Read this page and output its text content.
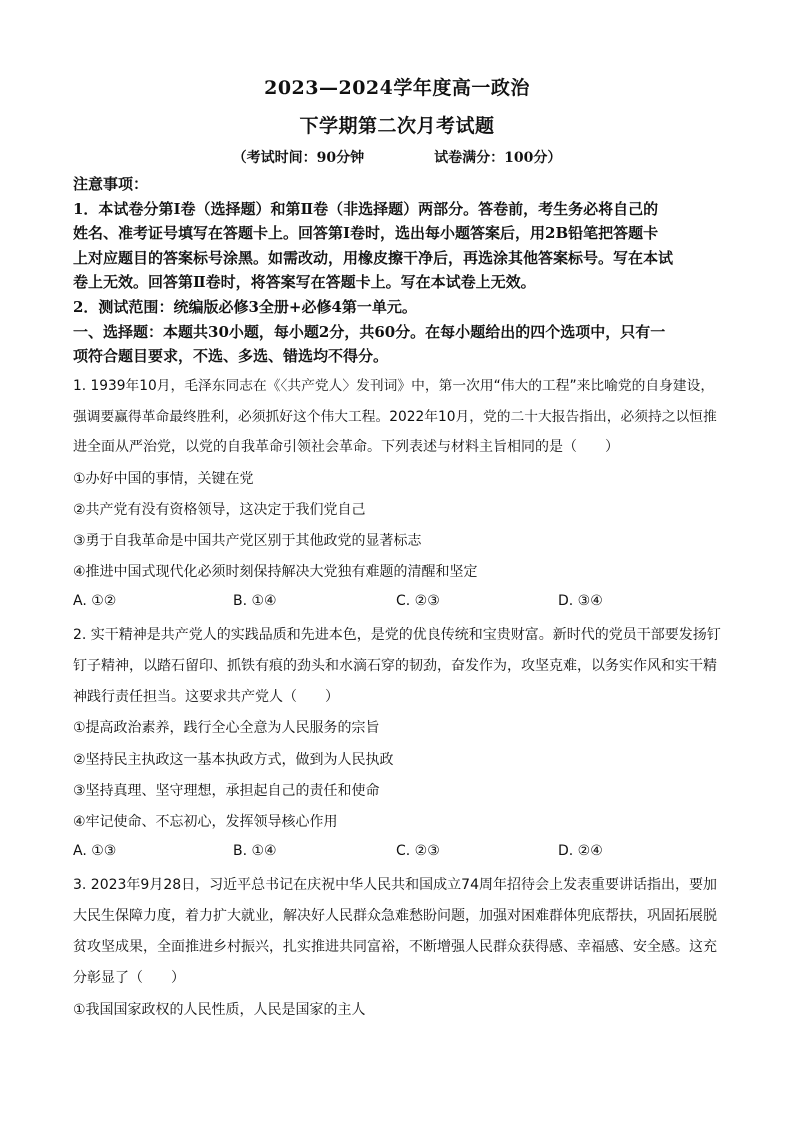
2023—2024学年度高一政治
下学期第二次月考试题
（考试时间：90分钟	试卷满分：100分）
注意事项：
1．本试卷分第Ⅰ卷（选择题）和第Ⅱ卷（非选择题）两部分。答卷前，考生务必将自己的
姓名、准考证号填写在答题卡上。回答第Ⅰ卷时，选出每小题答案后，用2B铅笔把答题卡
上对应题目的答案标号涂黑。如需改动，用橡皮擦干净后，再选涂其他答案标号。写在本试
卷上无效。回答第Ⅱ卷时，将答案写在答题卡上。写在本试卷上无效。
2．测试范围：统编版必修3全册+必修4第一单元。
一、选择题：本题共30小题，每小题2分，共60分。在每小题给出的四个选项中，只有一
项符合题目要求，不选、多选、错选均不得分。
1. 1939年10月，毛泽东同志在《〈共产党人〉发刊词》中，第一次用“伟大的工程”来比喻党的自身建设，
强调要赢得革命最终胜利，必须抓好这个伟大工程。2022年10月，党的二十大报告指出，必须持之以恒推
进全面从严治党，以党的自我革命引领社会革命。下列表述与材料主旨相同的是（　　）
①办好中国的事情，关键在党
②共产党有没有资格领导，这决定于我们党自己
③勇于自我革命是中国共产党区别于其他政党的显著标志
④推进中国式现代化必须时刻保持解决大党独有难题的清醒和坚定
A. ①②	B. ①④	C. ②③	D. ③④
2. 实干精神是共产党人的实践品质和先进本色，是党的优良传统和宝贵财富。新时代的党员干部要发扬钉
钉子精神，以踏石留印、抓铁有痕的劲头和水滴石穿的韧劲，奋发作为，攻坚克难，以务实作风和实干精
神践行责任担当。这要求共产党人（　　）
①提高政治素养，践行全心全意为人民服务的宗旨
②坚持民主执政这一基本执政方式，做到为人民执政
③坚持真理、坚守理想，承担起自己的责任和使命
④牢记使命、不忘初心，发挥领导核心作用
A. ①③	B. ①④	C. ②③	D. ②④
3. 2023年9月28日，习近平总书记在庆祝中华人民共和国成立74周年招待会上发表重要讲话指出，要加
大民生保障力度，着力扩大就业，解决好人民群众急难愁盼问题，加强对困难群体兜底帮扶，巩固拓展脱
贫攻坚成果，全面推进乡村振兴，扎实推进共同富裕，不断增强人民群众获得感、幸福感、安全感。这充
分彰显了（　　）
①我国国家政权的人民性质，人民是国家的主人
